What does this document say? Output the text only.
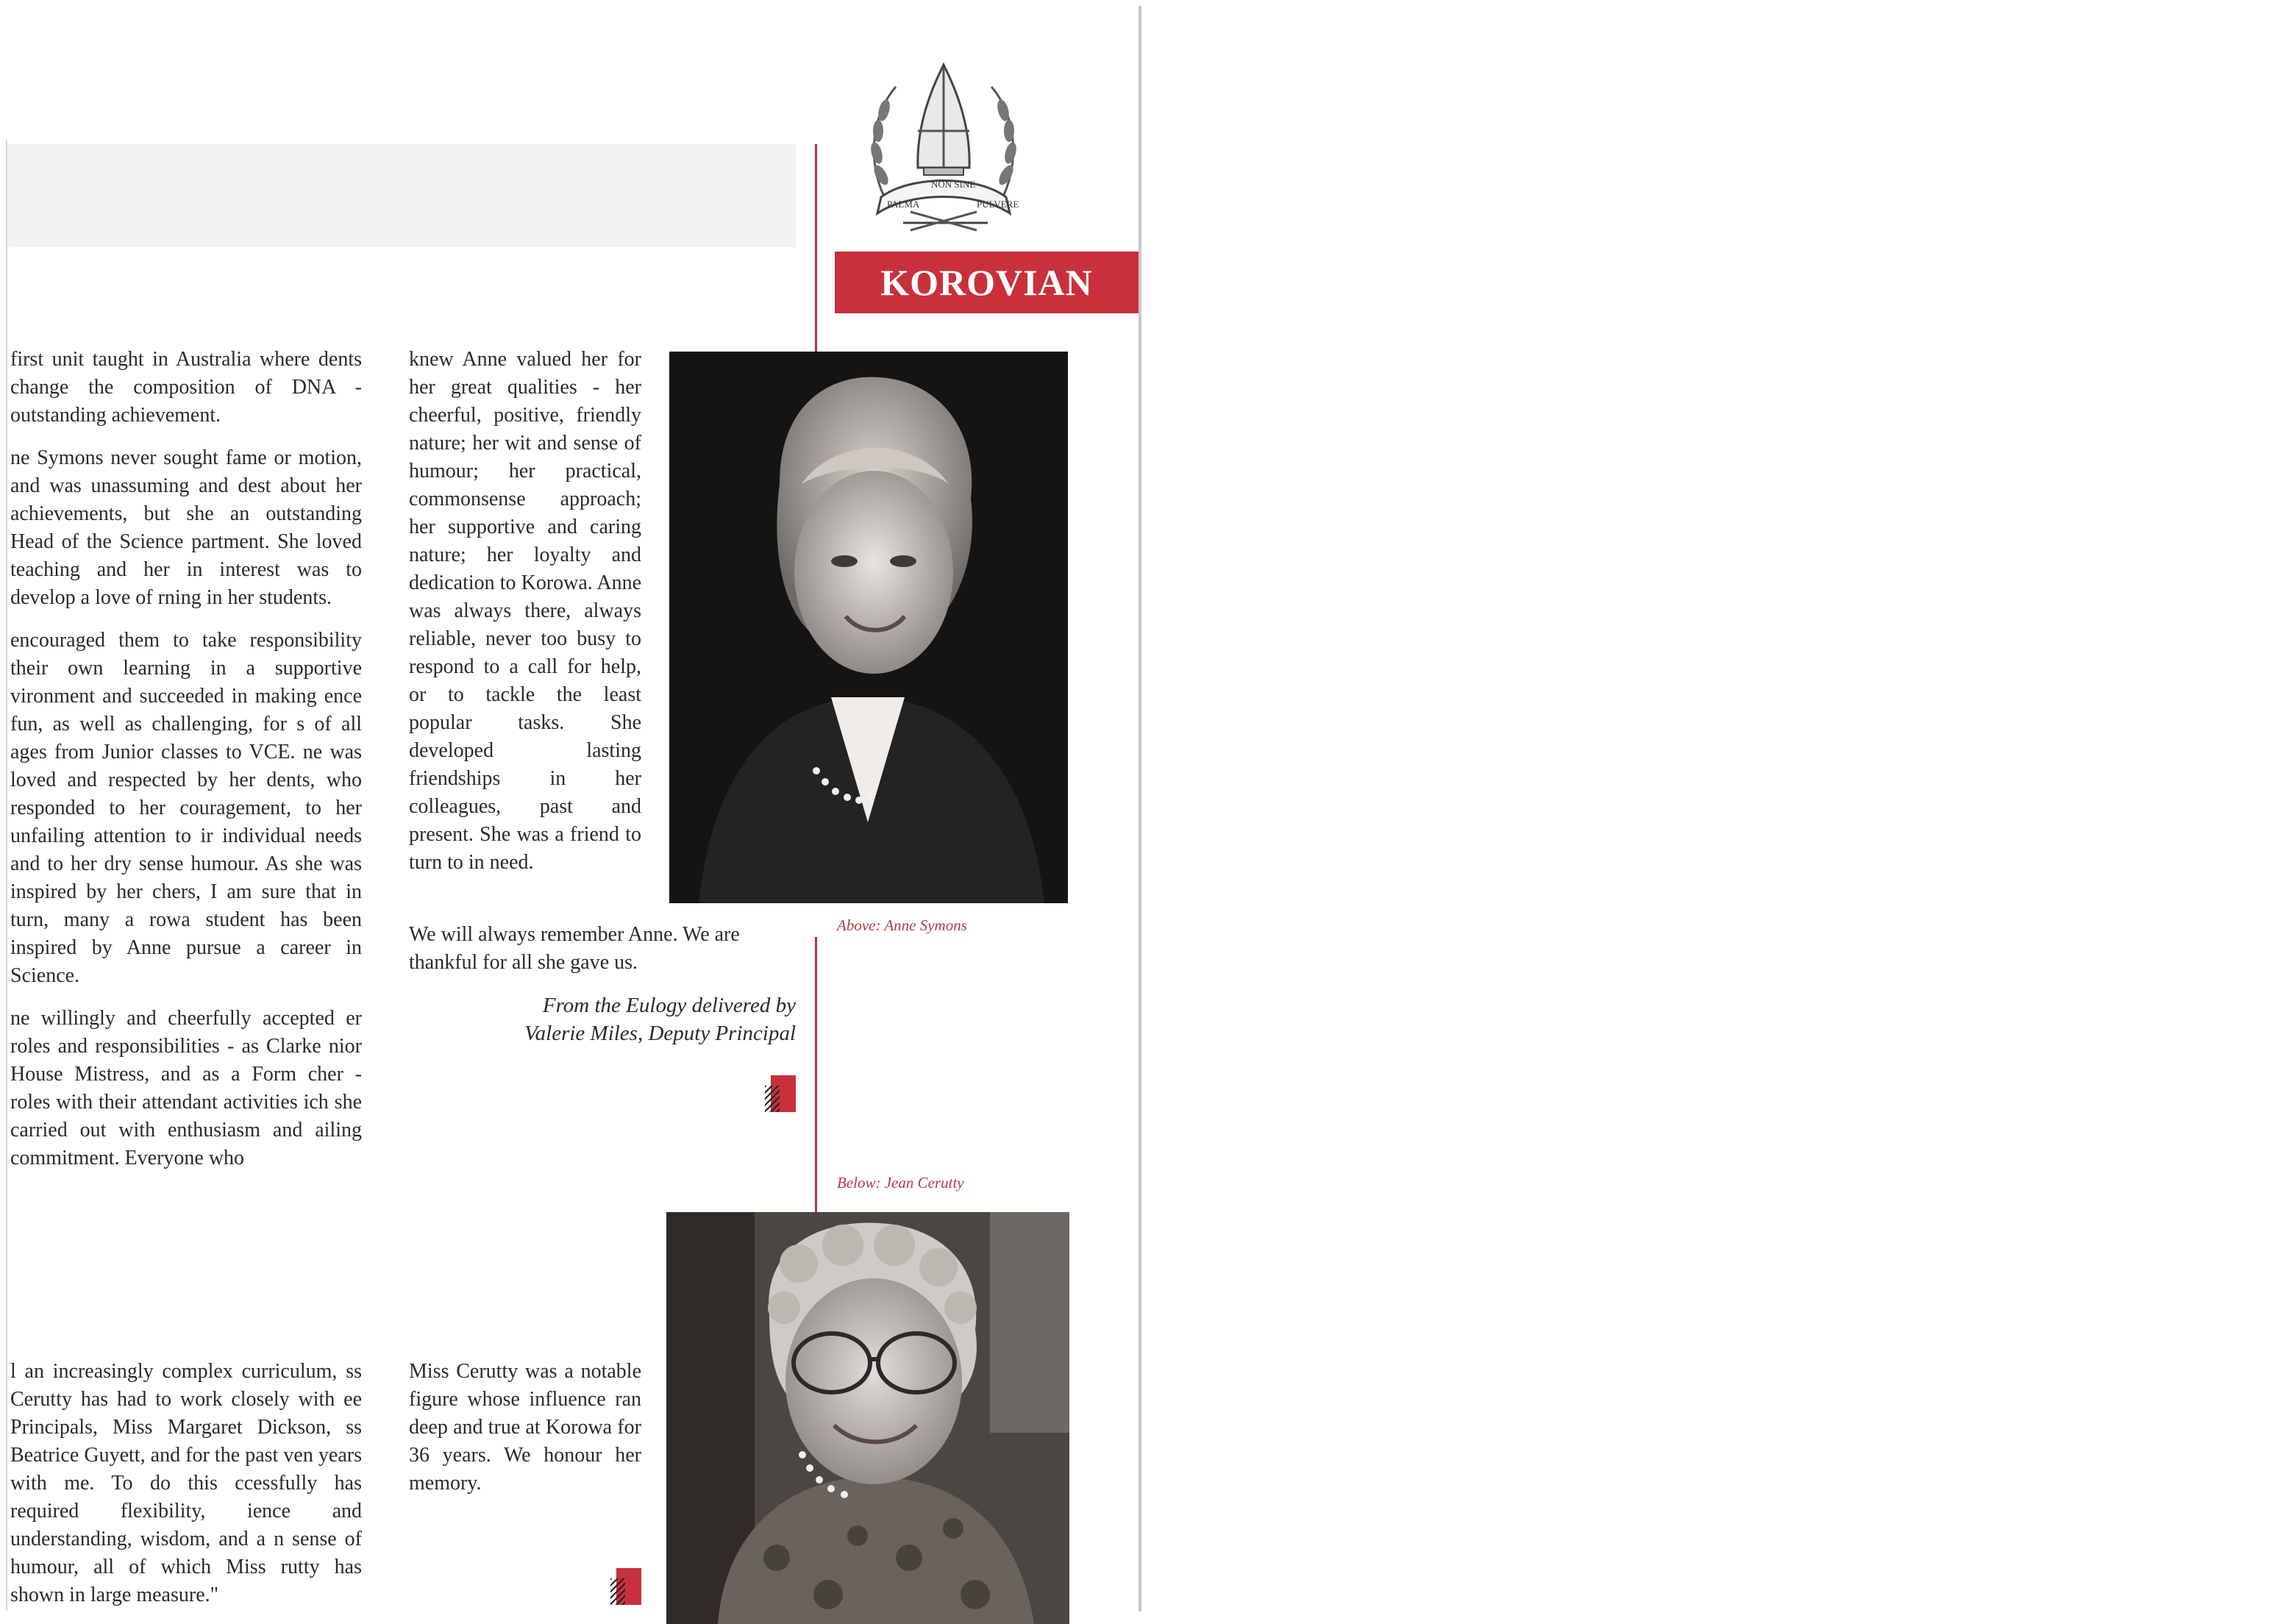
NON SINE
PULVERE
PALMA
KOROVIAN

first unit taught in Australia where dents change the composition of DNA - outstanding achievement.

ne Symons never sought fame or motion, and was unassuming and dest about her achievements, but she an outstanding Head of the Science partment. She loved teaching and her in interest was to develop a love of rning in her students.

encouraged them to take responsibility their own learning in a supportive vironment and succeeded in making ence fun, as well as challenging, for s of all ages from Junior classes to VCE. ne was loved and respected by her dents, who responded to her couragement, to her unfailing attention to ir individual needs and to her dry sense humour. As she was inspired by her chers, I am sure that in turn, many a rowa student has been inspired by Anne pursue a career in Science.

ne willingly and cheerfully accepted er roles and responsibilities - as Clarke nior House Mistress, and as a Form cher - roles with their attendant activities ich she carried out with enthusiasm and ailing commitment. Everyone who

knew Anne valued her for her great qualities - her cheerful, positive, friendly nature; her wit and sense of humour; her practical, commonsense approach; her supportive and caring nature; her loyalty and dedication to Korowa. Anne was always there, always reliable, never too busy to respond to a call for help, or to tackle the least popular tasks. She developed lasting friendships in her colleagues, past and present. She was a friend to turn to in need.

We will always remember Anne. We are thankful for all she gave us.
From the Eulogy delivered by
Valerie Miles, Deputy Principal
Above: Anne Symons
Below: Jean Cerutty

l an increasingly complex curriculum, ss Cerutty has had to work closely with ee Principals, Miss Margaret Dickson, ss Beatrice Guyett, and for the past ven years with me. To do this ccessfully has required flexibility, ience and understanding, wisdom, and a n sense of humour, all of which Miss rutty has shown in large measure."

Miss Cerutty was a notable figure whose influence ran deep and true at Korowa for 36 years. We honour her memory.
